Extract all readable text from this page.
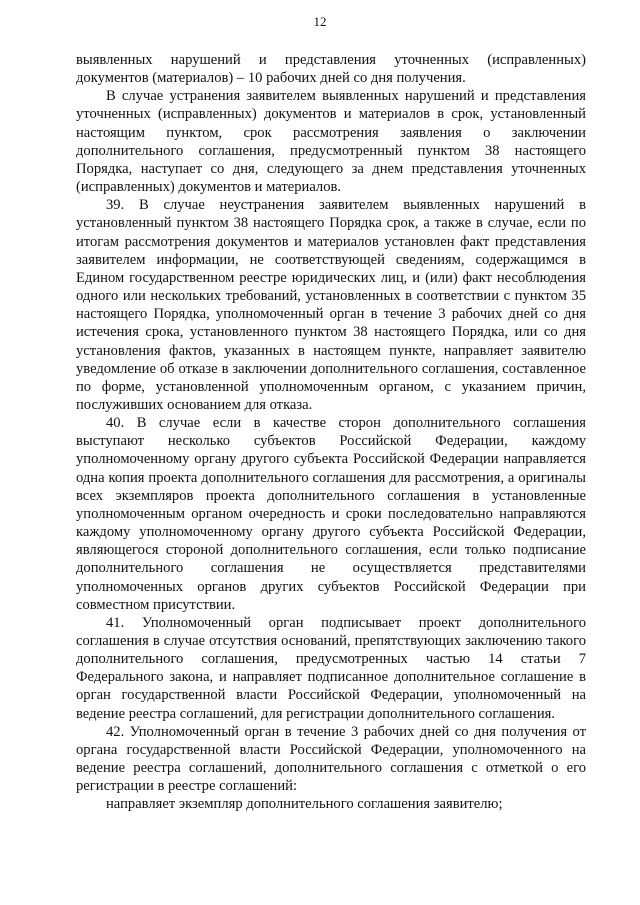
12

выявленных нарушений и представления уточненных (исправленных) документов (материалов) – 10 рабочих дней со дня получения.

В случае устранения заявителем выявленных нарушений и представления уточненных (исправленных) документов и материалов в срок, установленный настоящим пунктом, срок рассмотрения заявления о заключении дополнительного соглашения, предусмотренный пунктом 38 настоящего Порядка, наступает со дня, следующего за днем представления уточненных (исправленных) документов и материалов.

39. В случае неустранения заявителем выявленных нарушений в установленный пунктом 38 настоящего Порядка срок, а также в случае, если по итогам рассмотрения документов и материалов установлен факт представления заявителем информации, не соответствующей сведениям, содержащимся в Едином государственном реестре юридических лиц, и (или) факт несоблюдения одного или нескольких требований, установленных в соответствии с пунктом 35 настоящего Порядка, уполномоченный орган в течение 3 рабочих дней со дня истечения срока, установленного пунктом 38 настоящего Порядка, или со дня установления фактов, указанных в настоящем пункте, направляет заявителю уведомление об отказе в заключении дополнительного соглашения, составленное по форме, установленной уполномоченным органом, с указанием причин, послуживших основанием для отказа.

40. В случае если в качестве сторон дополнительного соглашения выступают несколько субъектов Российской Федерации, каждому уполномоченному органу другого субъекта Российской Федерации направляется одна копия проекта дополнительного соглашения для рассмотрения, а оригиналы всех экземпляров проекта дополнительного соглашения в установленные уполномоченным органом очередность и сроки последовательно направляются каждому уполномоченному органу другого субъекта Российской Федерации, являющегося стороной дополнительного соглашения, если только подписание дополнительного соглашения не осуществляется представителями уполномоченных органов других субъектов Российской Федерации при совместном присутствии.

41. Уполномоченный орган подписывает проект дополнительного соглашения в случае отсутствия оснований, препятствующих заключению такого дополнительного соглашения, предусмотренных частью 14 статьи 7 Федерального закона, и направляет подписанное дополнительное соглашение в орган государственной власти Российской Федерации, уполномоченный на ведение реестра соглашений, для регистрации дополнительного соглашения.

42. Уполномоченный орган в течение 3 рабочих дней со дня получения от органа государственной власти Российской Федерации, уполномоченного на ведение реестра соглашений, дополнительного соглашения с отметкой о его регистрации в реестре соглашений:

направляет экземпляр дополнительного соглашения заявителю;
